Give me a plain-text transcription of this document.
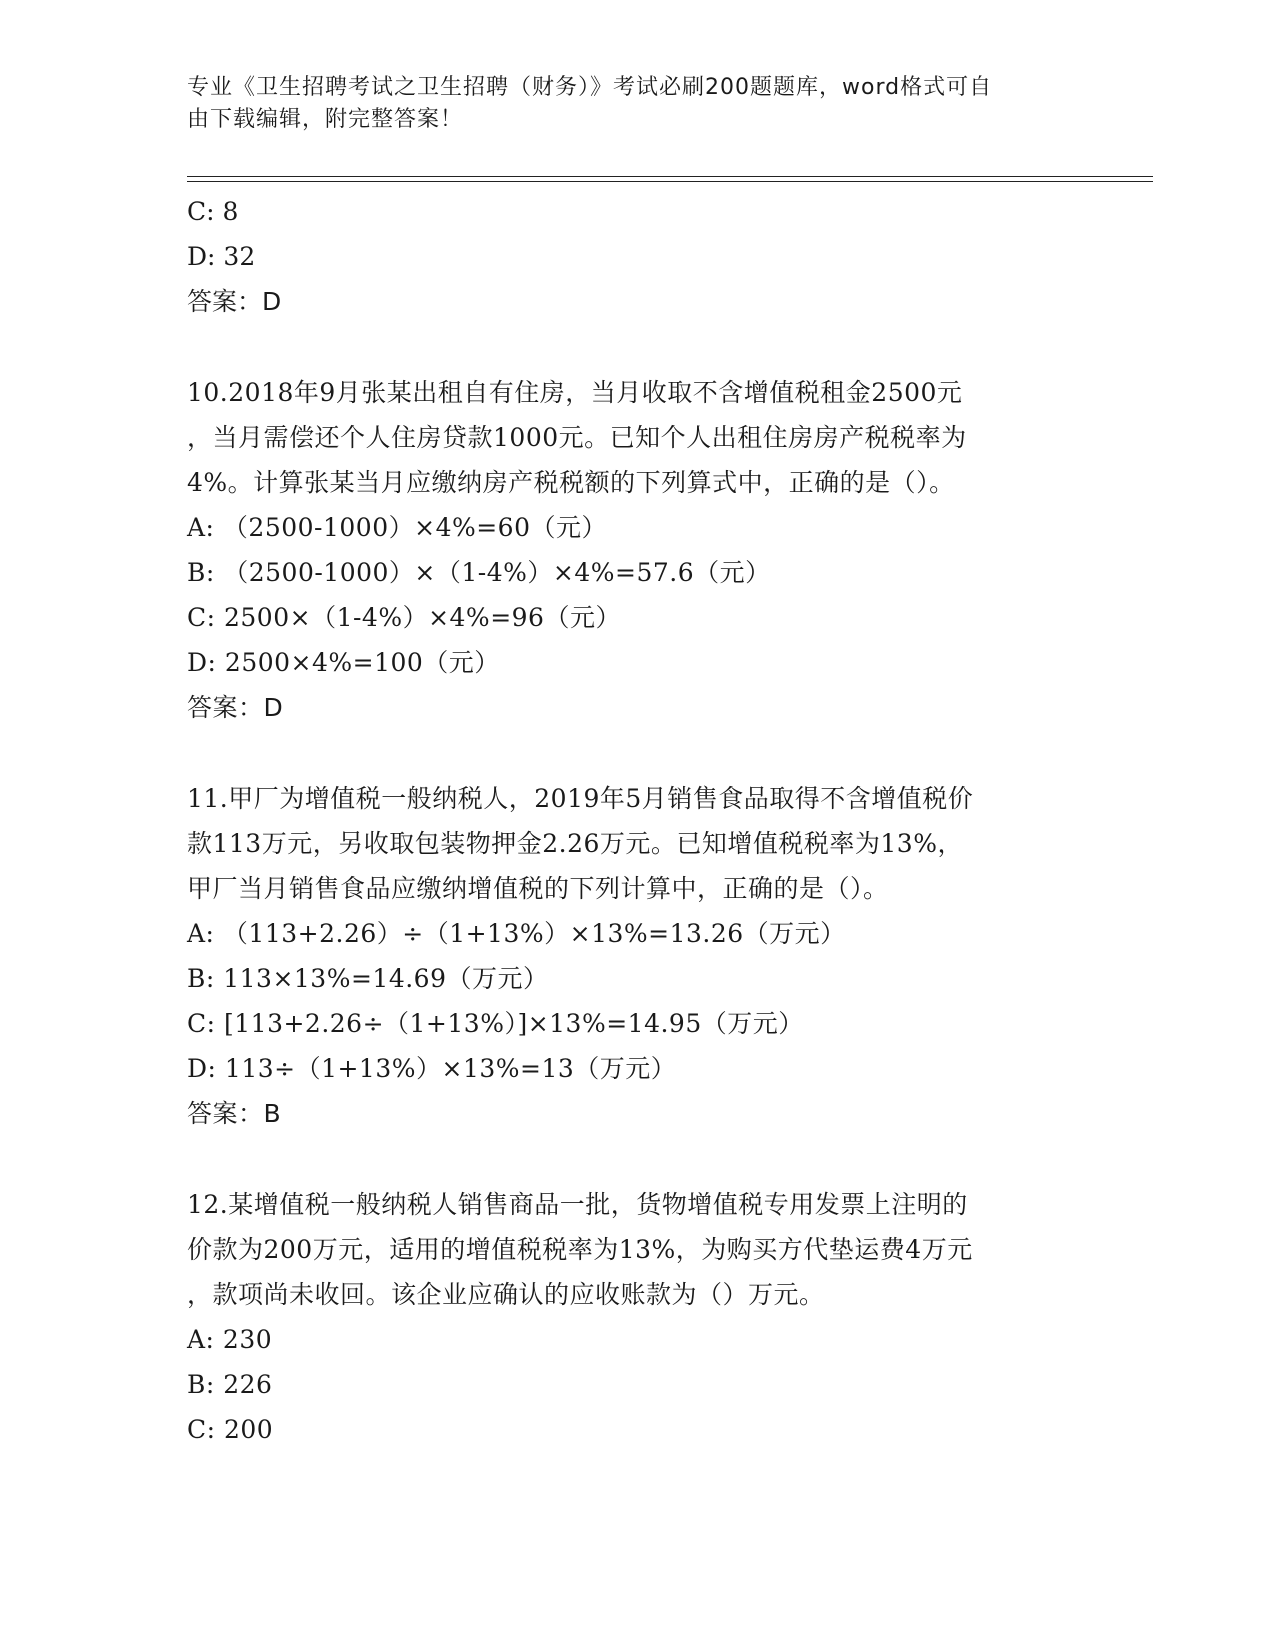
专业《卫生招聘考试之卫生招聘（财务）》考试必刷200题题库，word格式可自
由下载编辑，附完整答案！
C: 8
D: 32
答案：D
10.2018年9月张某出租自有住房，当月收取不含增值税租金2500元
，当月需偿还个人住房贷款1000元。已知个人出租住房房产税税率为
4%。计算张某当月应缴纳房产税税额的下列算式中，正确的是（）。
A: （2500-1000）×4%=60（元）
B: （2500-1000）×（1-4%）×4%=57.6（元）
C: 2500×（1-4%）×4%=96（元）
D: 2500×4%=100（元）
答案：D
11.甲厂为增值税一般纳税人，2019年5月销售食品取得不含增值税价
款113万元，另收取包装物押金2.26万元。已知增值税税率为13%，
甲厂当月销售食品应缴纳增值税的下列计算中，正确的是（）。
A: （113+2.26）÷（1+13%）×13%=13.26（万元）
B: 113×13%=14.69（万元）
C: [113+2.26÷（1+13%）]×13%=14.95（万元）
D: 113÷（1+13%）×13%=13（万元）
答案：B
12.某增值税一般纳税人销售商品一批，货物增值税专用发票上注明的
价款为200万元，适用的增值税税率为13%，为购买方代垫运费4万元
，款项尚未收回。该企业应确认的应收账款为（）万元。
A: 230
B: 226
C: 200
